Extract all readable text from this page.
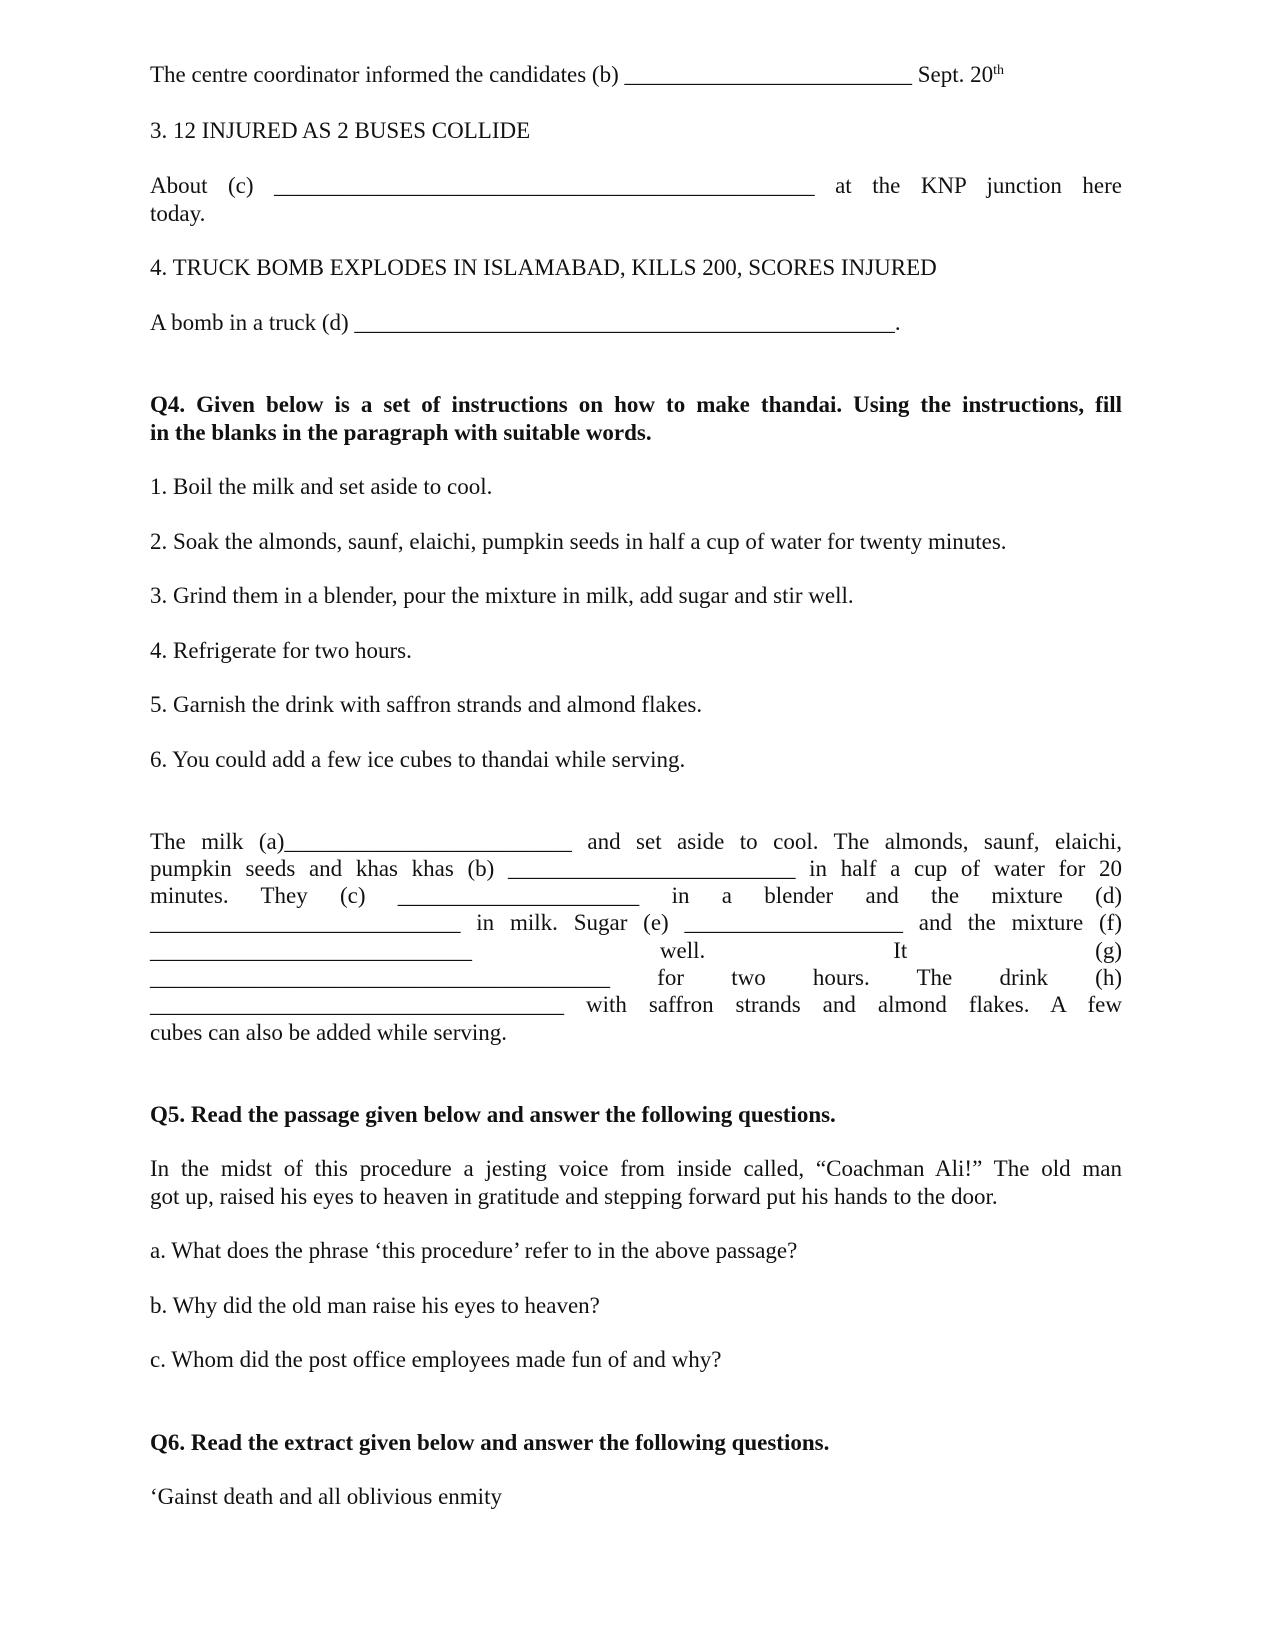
The centre coordinator informed the candidates (b) _________________________ Sept. 20th
3. 12 INJURED AS 2 BUSES COLLIDE
About (c) _______________________________________________ at the KNP junction here
today.
4. TRUCK BOMB EXPLODES IN ISLAMABAD, KILLS 200, SCORES INJURED
A bomb in a truck (d) _______________________________________________.
Q4. Given below is a set of instructions on how to make thandai. Using the instructions, fill
in the blanks in the paragraph with suitable words.
1. Boil the milk and set aside to cool.
2. Soak the almonds, saunf, elaichi, pumpkin seeds in half a cup of water for twenty minutes.
3. Grind them in a blender, pour the mixture in milk, add sugar and stir well.
4. Refrigerate for two hours.
5. Garnish the drink with saffron strands and almond flakes.
6. You could add a few ice cubes to thandai while serving.
The milk (a)_________________________ and set aside to cool. The almonds, saunf, elaichi,
pumpkin seeds and khas khas (b) _________________________ in half a cup of water for 20
minutes. They (c) _____________________ in a blender and the mixture (d)
___________________________ in milk. Sugar (e) ___________________ and the mixture (f)
____________________________ well. It (g)
________________________________________ for two hours. The drink (h)
____________________________________ with saffron strands and almond flakes. A few
cubes can also be added while serving.
Q5. Read the passage given below and answer the following questions.
In the midst of this procedure a jesting voice from inside called, “Coachman Ali!” The old man
got up, raised his eyes to heaven in gratitude and stepping forward put his hands to the door.
a. What does the phrase ‘this procedure’ refer to in the above passage?
b. Why did the old man raise his eyes to heaven?
c. Whom did the post office employees made fun of and why?
Q6. Read the extract given below and answer the following questions.
‘Gainst death and all oblivious enmity
